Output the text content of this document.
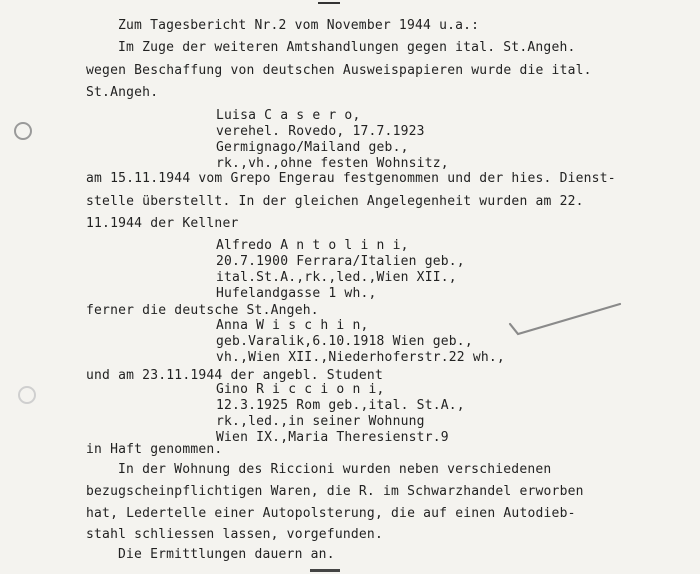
Zum Tagesbericht Nr.2 vom November 1944 u.a.:
Im Zuge der weiteren Amtshandlungen gegen ital. St.Angeh.
wegen Beschaffung von deutschen Ausweispapieren wurde die ital.
St.Angeh.
Luisa C a s e r o,
verehel. Rovedo, 17.7.1923
Germignago/Mailand geb.,
rk.,vh.,ohne festen Wohnsitz,
am 15.11.1944 vom Grepo Engerau festgenommen und der hies. Dienst-
stelle überstellt. In der gleichen Angelegenheit wurden am 22.
11.1944 der Kellner
Alfredo A n t o l i n i,
20.7.1900 Ferrara/Italien geb.,
ital.St.A.,rk.,led.,Wien XII.,
Hufelandgasse 1 wh.,
ferner die deutsche St.Angeh.
Anna W i s c h i n,
geb.Varalik,6.10.1918 Wien geb.,
vh.,Wien XII.,Niederhoferstr.22 wh.,
und am 23.11.1944 der angebl. Student
Gino R i c c i o n i,
12.3.1925 Rom geb.,ital. St.A.,
rk.,led.,in seiner Wohnung
Wien IX.,Maria Theresienstr.9
in Haft genommen.
In der Wohnung des Riccioni wurden neben verschiedenen
bezugscheinpflichtigen Waren, die R. im Schwarzhandel erworben
hat, Ledertelle einer Autopolsterung, die auf einen Autodieb-
stahl schliessen lassen, vorgefunden.
Die Ermittlungen dauern an.
